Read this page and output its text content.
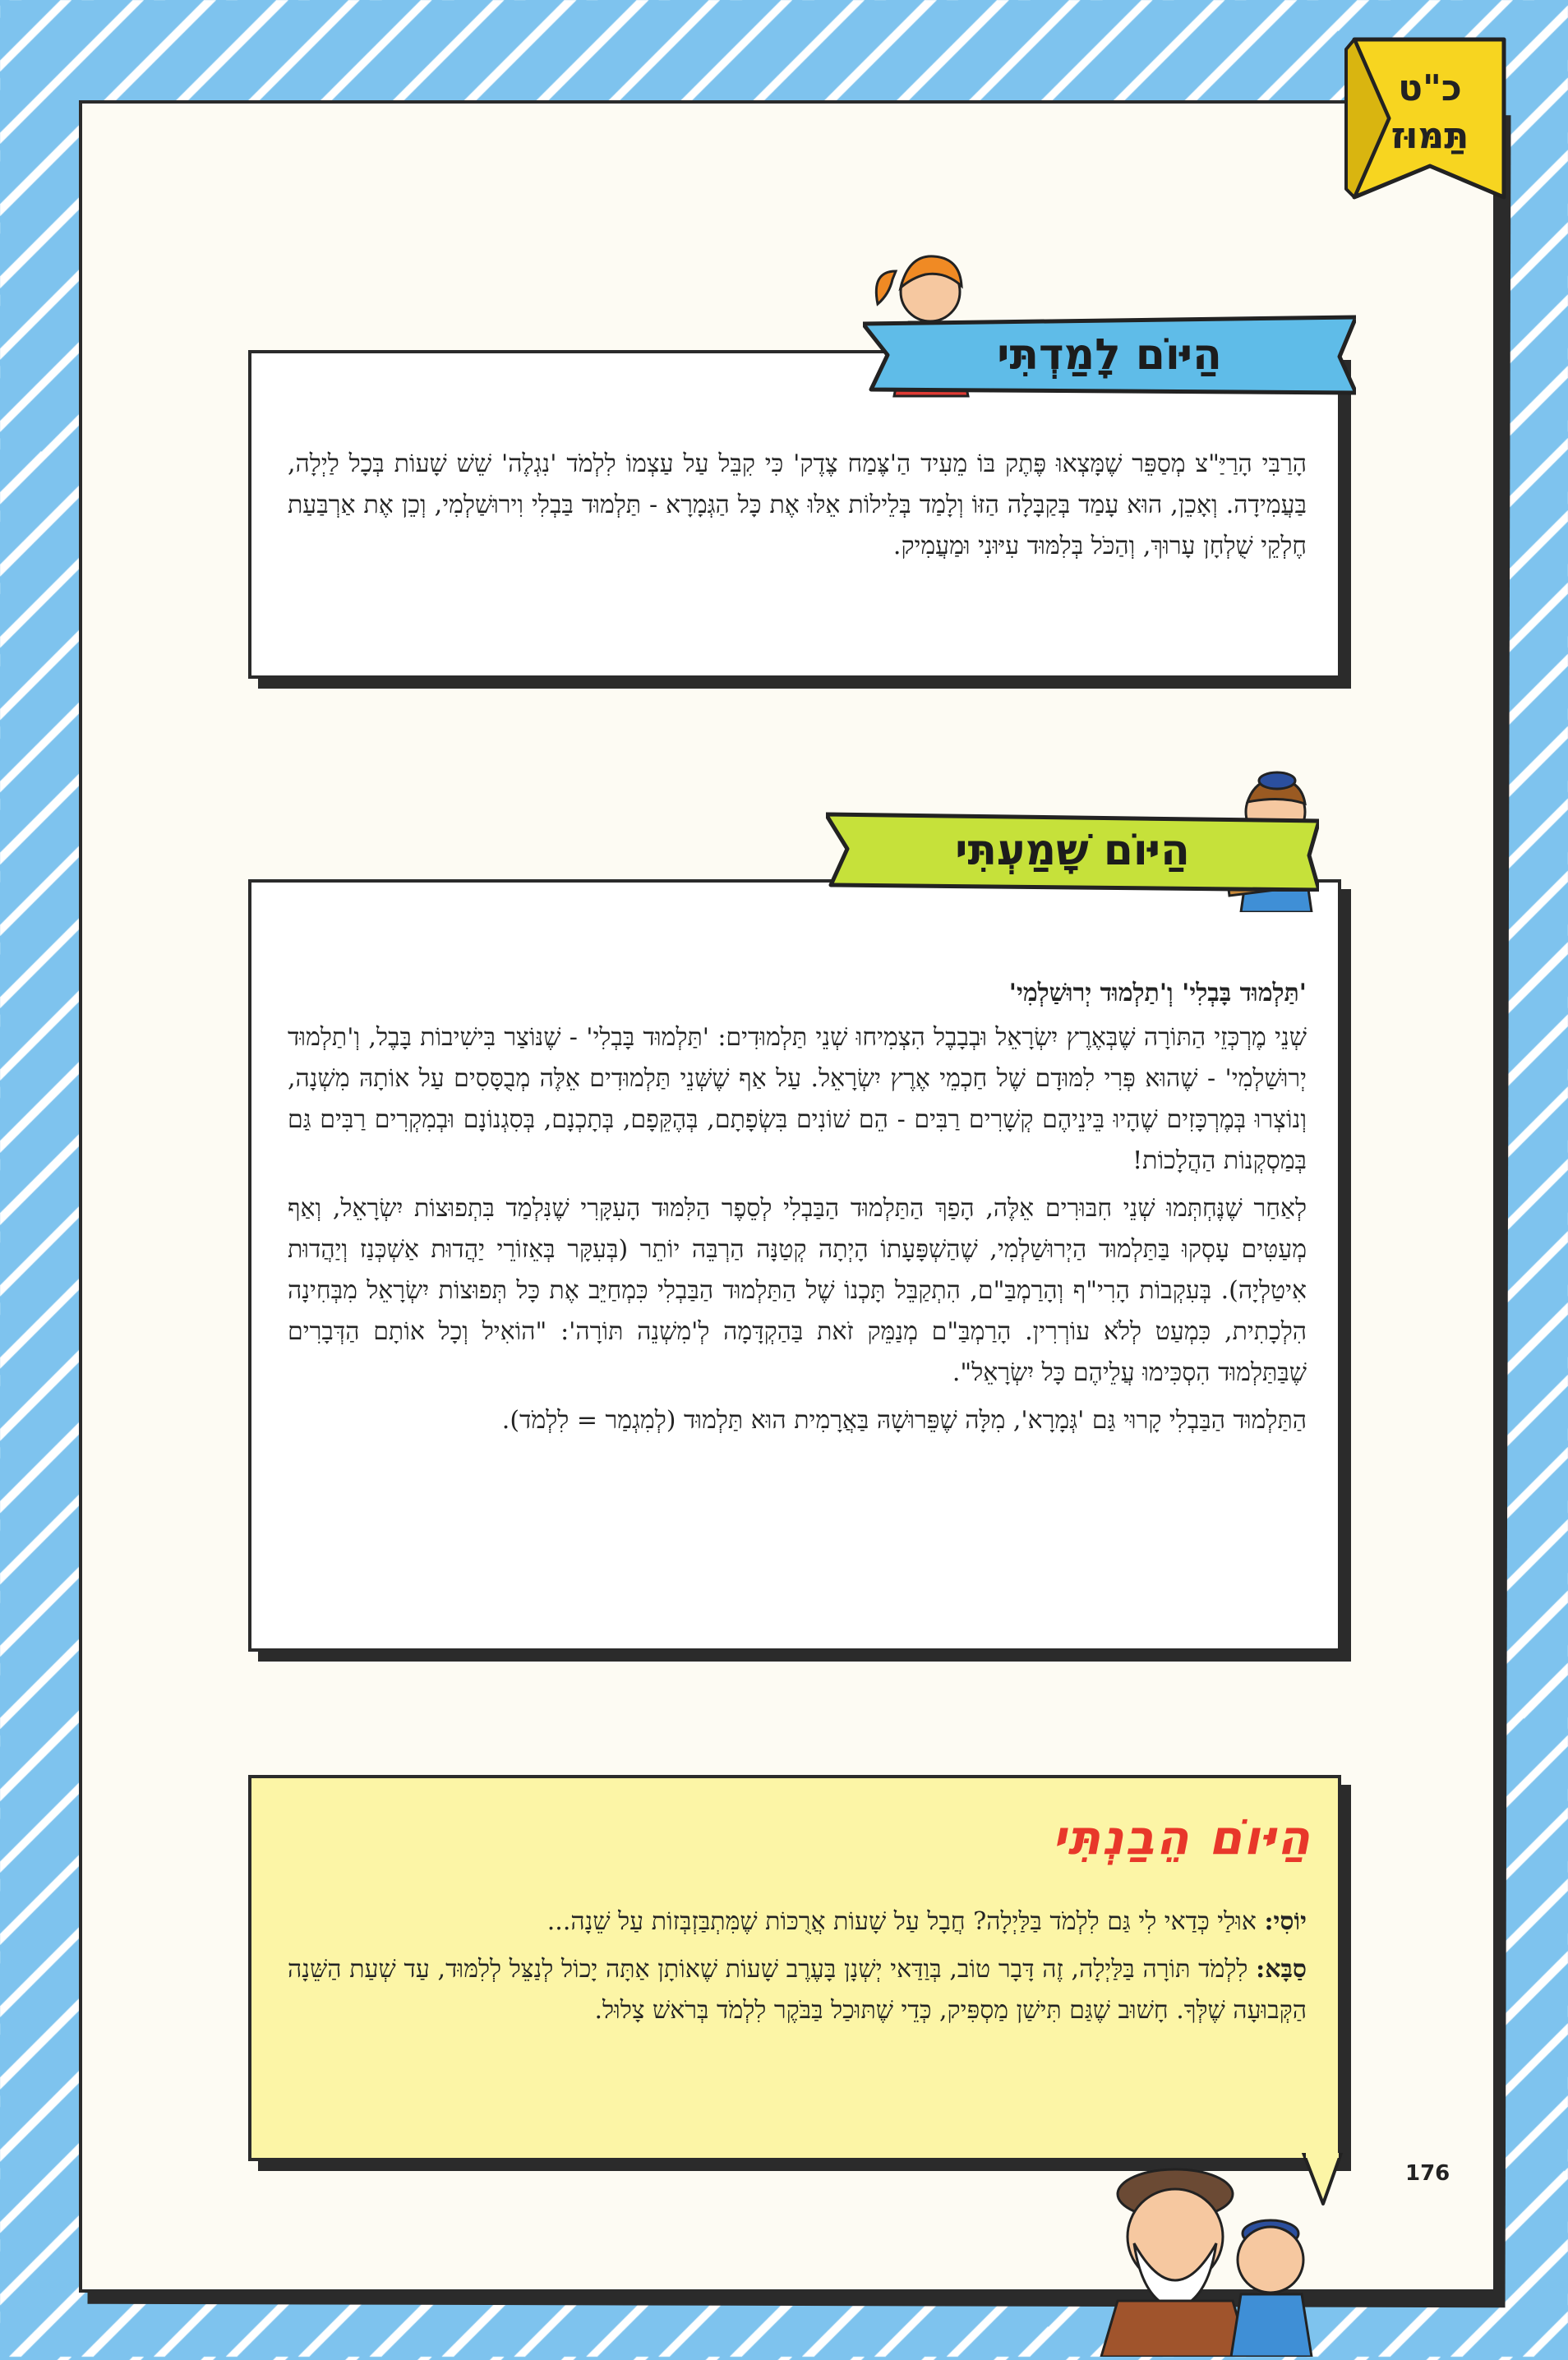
כ"ט
תַּמּוּז

הָרַבִּי הָרַיַּ"צ מְסַפֵּר שֶׁמָּצְאוּ פֶּתֶק בּוֹ מֵעִיד הַ'צֶּמַח צֶדֶק' כִּי קִבֵּל עַל עַצְמוֹ לִלְמֹד 'נִגְלֶה' שֵׁשׁ שָׁעוֹת בְּכָל לַיְלָה, בַּעֲמִידָה. וְאָכֵן, הוּא עָמַד בְּקַבָּלָה הַזּוֹ וְלָמַד בְּלֵילוֹת אֵלּוּ אֶת כָּל הַגְּמָרָא - תַּלְמוּד בַּבְלִי וִירוּשַׁלְמִי, וְכֵן אֶת אַרְבַּעַת חֶלְקֵי שֻׁלְחָן עָרוּךְ, וְהַכֹּל בְּלִמּוּד עִיּוּנִי וּמַעֲמִיק.

הַיּוֹם לָמַדְתִּי

'תַּלְמוּד בָּבְלִי' וְ'תַלְמוּד יְרוּשַׁלְמִי'

שְׁנֵי מֶרְכְּזֵי הַתּוֹרָה שֶׁבְּאֶרֶץ יִשְׂרָאֵל וּבְבָבֶל הִצְמִיחוּ שְׁנֵי תַּלְמוּדִים: 'תַּלְמוּד בָּבְלִי' - שֶׁנּוֹצַר בִּישִׁיבוֹת בָּבֶל, וְ'תַלְמוּד יְרוּשַׁלְמִי' - שֶׁהוּא פְּרִי לִמּוּדָם שֶׁל חַכְמֵי אֶרֶץ יִשְׂרָאֵל. עַל אַף שֶׁשְּׁנֵי תַּלְמוּדִים אֵלֶּה מְבֻסָּסִים עַל אוֹתָהּ מִשְׁנָה, וְנוֹצְרוּ בְּמֶרְכָּזִים שֶׁהָיוּ בֵּינֵיהֶם קְשָׁרִים רַבִּים - הֵם שׁוֹנִים בִּשְׂפָתָם, בְּהֶקֵּפָם, בְּתָכְנָם, בְּסִגְנוֹנָם וּבְמִקְרִים רַבִּים גַּם בְּמַסְקְנוֹת הַהֲלָכוֹת!

לְאַחַר שֶׁנֶּחְתְּמוּ שְׁנֵי חִבּוּרִים אֵלֶּה, הָפַךְ הַתַּלְמוּד הַבַּבְלִי לְסֵפֶר הַלִּמּוּד הָעִקָּרִי שֶׁנִּלְמַד בִּתְפוּצוֹת יִשְׂרָאֵל, וְאַף מְעַטִּים עָסְקוּ בַּתַּלְמוּד הַיְרוּשַׁלְמִי, שֶׁהַשְׁפָּעָתוֹ הָיְתָה קְטַנָּה הַרְבֵּה יוֹתֵר (בְּעִקָּר בְּאֵזוֹרֵי יַהֲדוּת אַשְׁכְּנַז וְיַהֲדוּת אִיטַלְיָה). בְּעִקְבוֹת הָרִי"ף וְהָרַמְבַּ"ם, הִתְקַבֵּל תָּכְנוֹ שֶׁל הַתַּלְמוּד הַבַּבְלִי כִּמְחַיֵּב אֶת כָּל תְּפוּצוֹת יִשְׂרָאֵל מִבְּחִינָה הִלְכָתִית, כִּמְעַט לְלֹא עוֹרְרִין. הָרַמְבַּ"ם מְנַמֵּק זֹאת בַּהַקְדָּמָה לְ'מִשְׁנֵה תּוֹרָה': "הוֹאִיל וְכָל אוֹתָם הַדְּבָרִים שֶׁבַּתַּלְמוּד הִסְכִּימוּ עֲלֵיהֶם כָּל יִשְׂרָאֵל".

הַתַּלְמוּד הַבַּבְלִי קָרוּי גַּם 'גְּמָרָא', מִלָּה שֶׁפֵּרוּשָׁהּ בַּאֲרָמִית הוּא תַּלְמוּד (לְמִגְמַר = לִלְמֹד).

הַיּוֹם שָׁמַעְתִּי
הַיּוֹם הֵבַנְתִּי

יוֹסִי: אוּלַי כְּדַאי לִי גַּם לִלְמֹד בַּלַּיְלָה? חֲבָל עַל שָׁעוֹת אֲרֻכּוֹת שֶׁמִּתְבַּזְבְּזוֹת עַל שֵׁנָה...

סַבָּא: לִלְמֹד תּוֹרָה בַּלַּיְלָה, זֶה דָּבָר טוֹב, בְּוַדַּאי יְשְׁנָן בָּעֶרֶב שָׁעוֹת שֶׁאוֹתָן אַתָּה יָכוֹל לְנַצֵּל לְלִמּוּד, עַד שְׁעַת הַשֵּׁנָה הַקְּבוּעָה שֶׁלְּךָ. חָשׁוּב שֶׁגַּם תִּישַׁן מַסְפִּיק, כְּדֵי שֶׁתּוּכַל בַּבֹּקֶר לִלְמֹד בְּרֹאשׁ צָלוּל.

176
